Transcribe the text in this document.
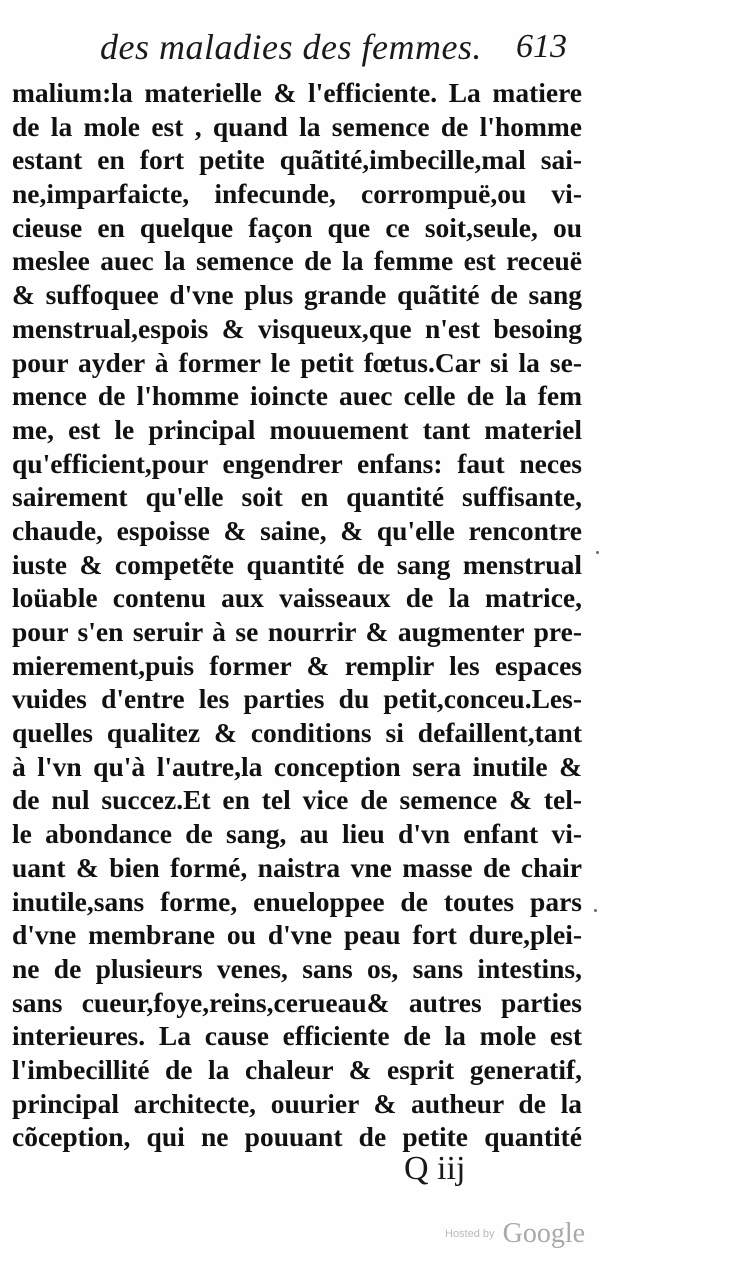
des maladies des femmes. 613
malium:la materielle & l'efficiente. La matiere
de la mole est , quand la semence de l'homme
estant en fort petite quãtité,imbecille,mal sai-
ne,imparfaicte, infecunde, corrompuë,ou vi-
cieuse en quelque façon que ce soit,seule, ou
meslee auec la semence de la femme est receuë
& suffoquee d'vne plus grande quãtité de sang
menstrual,espois & visqueux,que n'est besoing
pour ayder à former le petit fœtus.Car si la se-
mence de l'homme ioincte auec celle de la fem
me, est le principal mouuement tant materiel
qu'efficient,pour engendrer enfans: faut neces
sairement qu'elle soit en quantité suffisante,
chaude, espoisse & saine, & qu'elle rencontre
iuste & competẽte quantité de sang menstrual
loüable contenu aux vaisseaux de la matrice,
pour s'en seruir à se nourrir & augmenter pre-
mierement,puis former & remplir les espaces
vuides d'entre les parties du petit,conceu.Les-
quelles qualitez & conditions si defaillent,tant
à l'vn qu'à l'autre,la conception sera inutile &
de nul succez.Et en tel vice de semence & tel-
le abondance de sang, au lieu d'vn enfant vi-
uant & bien formé, naistra vne masse de chair
inutile,sans forme, enueloppee de toutes pars
d'vne membrane ou d'vne peau fort dure,plei-
ne de plusieurs venes, sans os, sans intestins,
sans cueur,foye,reins,cerueau& autres parties
interieures. La cause efficiente de la mole est
l'imbecillité de la chaleur & esprit generatif,
principal architecte, ouurier & autheur de la
cõception, qui ne pouuant de petite quantité
Q iij
Hosted by Google
